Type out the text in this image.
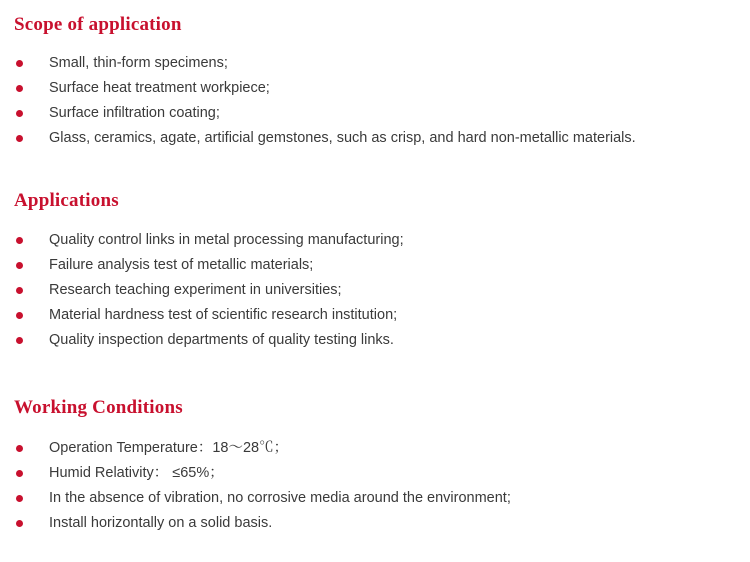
Scope of application
Small, thin-form specimens;
Surface heat treatment workpiece;
Surface infiltration coating;
Glass, ceramics, agate, artificial gemstones, such as crisp, and hard non-metallic materials.
Applications
Quality control links in metal processing manufacturing;
Failure analysis test of metallic materials;
Research teaching experiment in universities;
Material hardness test of scientific research institution;
Quality inspection departments of quality testing links.
Working Conditions
Operation Temperature：18～28℃；
Humid Relativity： ≤65%；
In the absence of vibration, no corrosive media around the environment;
Install horizontally on a solid basis.
